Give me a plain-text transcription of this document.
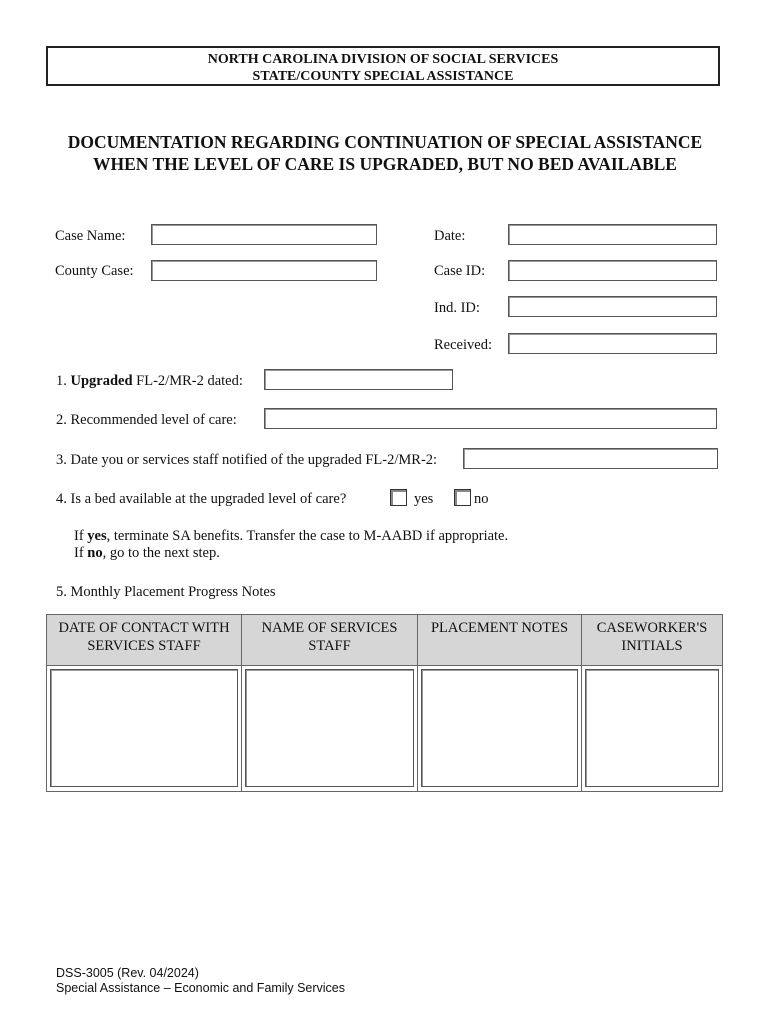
NORTH CAROLINA DIVISION OF SOCIAL SERVICES
STATE/COUNTY SPECIAL ASSISTANCE
DOCUMENTATION REGARDING CONTINUATION OF SPECIAL ASSISTANCE
WHEN THE LEVEL OF CARE IS UPGRADED, BUT NO BED AVAILABLE
Case Name:
County Case:
Date:
Case ID:
Ind. ID:
Received:
1. Upgraded FL-2/MR-2 dated:
2. Recommended level of care:
3. Date you or services staff notified of the upgraded FL-2/MR-2:
4. Is a bed available at the upgraded level of care?	yes	no
If yes, terminate SA benefits. Transfer the case to M-AABD if appropriate.
If no, go to the next step.
5. Monthly Placement Progress Notes
DATE OF CONTACT WITH SERVICES STAFF	NAME OF SERVICES STAFF	PLACEMENT NOTES	CASEWORKER'S INITIALS

DSS-3005 (Rev. 04/2024)
Special Assistance – Economic and Family Services
